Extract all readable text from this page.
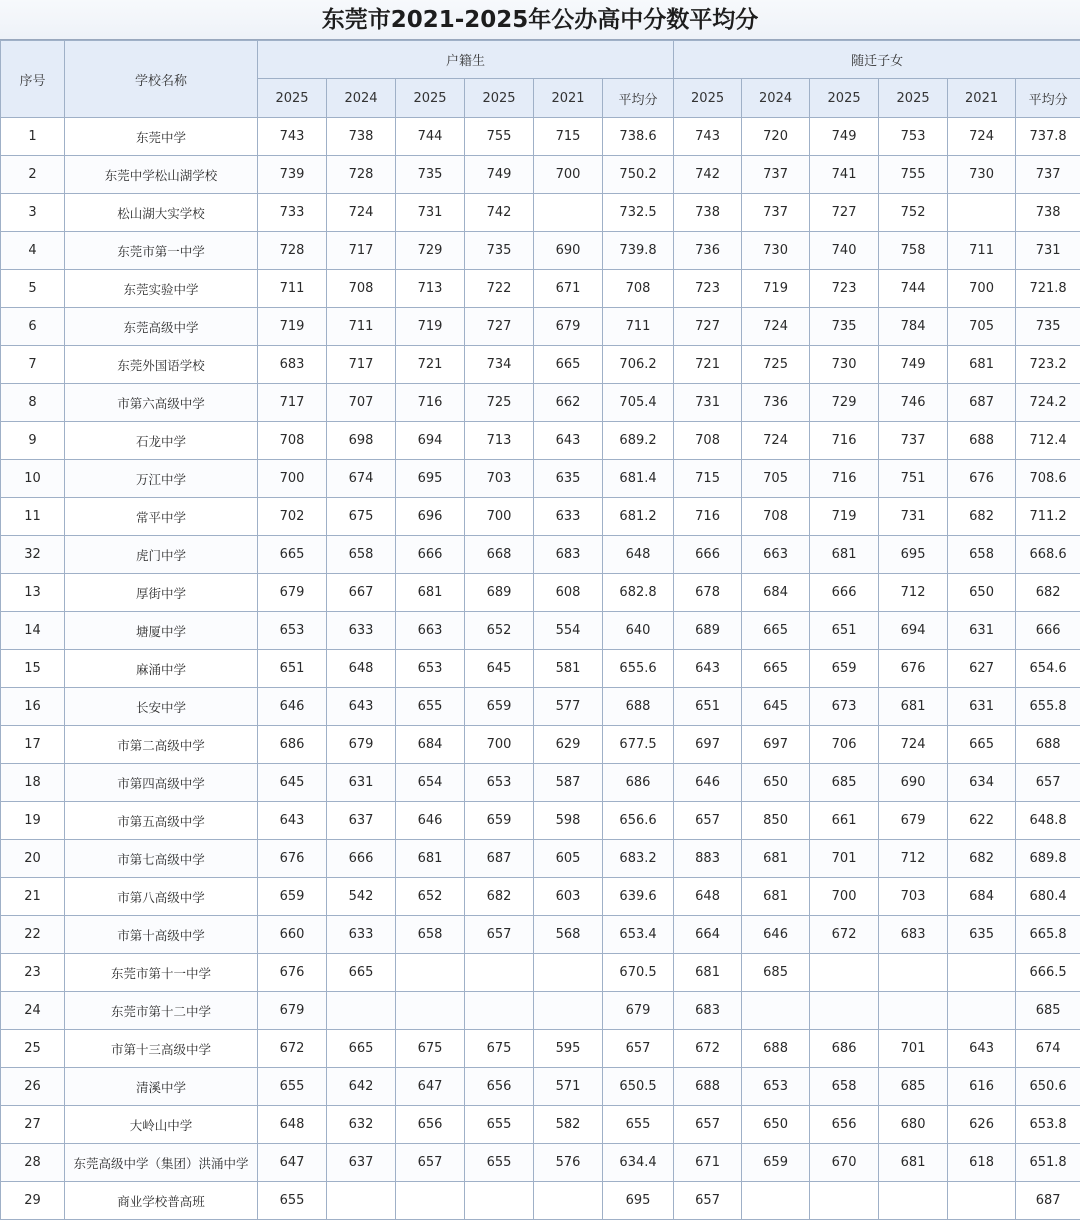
东莞市2021-2025年公办高中分数平均分
序号	学校名称	户籍生						随迁子女					
		2025	2024	2025	2025	2021	平均分	2025	2024	2025	2025	2021	平均分
1	东莞中学	743	738	744	755	715	738.6	743	720	749	753	724	737.8
2	东莞中学松山湖学校	739	728	735	749	700	750.2	742	737	741	755	730	737
3	松山湖大实学校	733	724	731	742		732.5	738	737	727	752		738
4	东莞市第一中学	728	717	729	735	690	739.8	736	730	740	758	711	731
5	东莞实验中学	711	708	713	722	671	708	723	719	723	744	700	721.8
6	东莞高级中学	719	711	719	727	679	711	727	724	735	784	705	735
7	东莞外国语学校	683	717	721	734	665	706.2	721	725	730	749	681	723.2
8	市第六高级中学	717	707	716	725	662	705.4	731	736	729	746	687	724.2
9	石龙中学	708	698	694	713	643	689.2	708	724	716	737	688	712.4
10	万江中学	700	674	695	703	635	681.4	715	705	716	751	676	708.6
11	常平中学	702	675	696	700	633	681.2	716	708	719	731	682	711.2
32	虎门中学	665	658	666	668	683	648	666	663	681	695	658	668.6
13	厚街中学	679	667	681	689	608	682.8	678	684	666	712	650	682
14	塘厦中学	653	633	663	652	554	640	689	665	651	694	631	666
15	麻涌中学	651	648	653	645	581	655.6	643	665	659	676	627	654.6
16	长安中学	646	643	655	659	577	688	651	645	673	681	631	655.8
17	市第二高级中学	686	679	684	700	629	677.5	697	697	706	724	665	688
18	市第四高级中学	645	631	654	653	587	686	646	650	685	690	634	657
19	市第五高级中学	643	637	646	659	598	656.6	657	850	661	679	622	648.8
20	市第七高级中学	676	666	681	687	605	683.2	883	681	701	712	682	689.8
21	市第八高级中学	659	542	652	682	603	639.6	648	681	700	703	684	680.4
22	市第十高级中学	660	633	658	657	568	653.4	664	646	672	683	635	665.8
23	东莞市第十一中学	676	665				670.5	681	685				666.5
24	东莞市第十二中学	679					679	683					685
25	市第十三高级中学	672	665	675	675	595	657	672	688	686	701	643	674
26	清溪中学	655	642	647	656	571	650.5	688	653	658	685	616	650.6
27	大岭山中学	648	632	656	655	582	655	657	650	656	680	626	653.8
28	东莞高级中学（集团）洪涌中学	647	637	657	655	576	634.4	671	659	670	681	618	651.8
29	商业学校普高班	655					695	657					687
